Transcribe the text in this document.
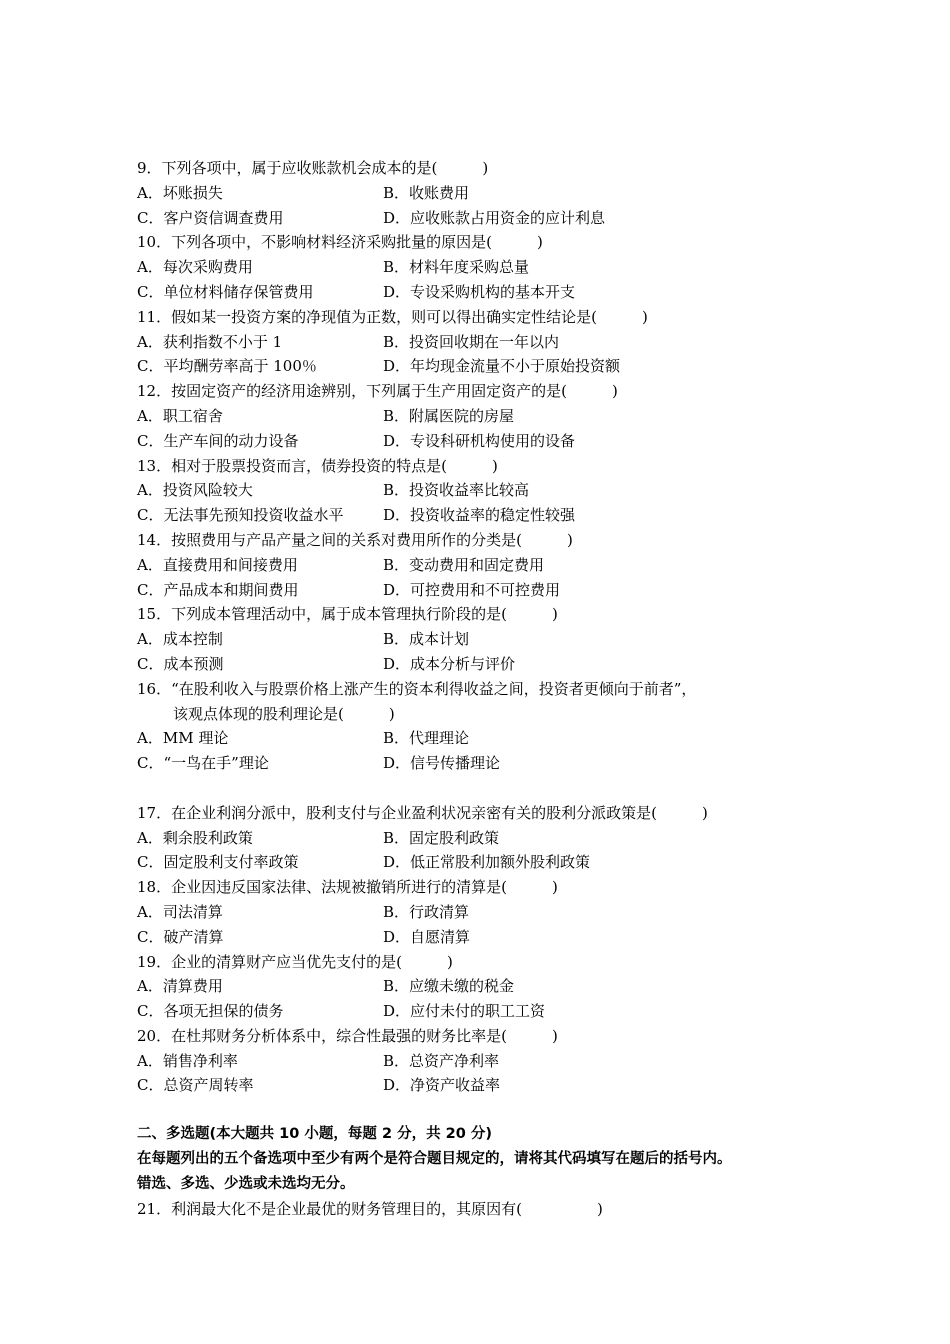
9．下列各项中，属于应收账款机会成本的是(　　　)
A．坏账损失	B．收账费用
C．客户资信调查费用	D．应收账款占用资金的应计利息
10．下列各项中，不影响材料经济采购批量的原因是(　　　)
A．每次采购费用	B．材料年度采购总量
C．单位材料储存保管费用	D．专设采购机构的基本开支
11．假如某一投资方案的净现值为正数，则可以得出确实定性结论是(　　　)
A．获利指数不小于 1	B．投资回收期在一年以内
C．平均酬劳率高于 100％	D．年均现金流量不小于原始投资额
12．按固定资产的经济用途辨别，下列属于生产用固定资产的是(　　　)
A．职工宿舍	B．附属医院的房屋
C．生产车间的动力设备	D．专设科研机构使用的设备
13．相对于股票投资而言，债券投资的特点是(　　　)
A．投资风险较大	B．投资收益率比较高
C．无法事先预知投资收益水平	D．投资收益率的稳定性较强
14．按照费用与产品产量之间的关系对费用所作的分类是(　　　)
A．直接费用和间接费用	B．变动费用和固定费用
C．产品成本和期间费用	D．可控费用和不可控费用
15．下列成本管理活动中，属于成本管理执行阶段的是(　　　)
A．成本控制	B．成本计划
C．成本预测	D．成本分析与评价
16．“在股利收入与股票价格上涨产生的资本利得收益之间，投资者更倾向于前者”，
该观点体现的股利理论是(　　　)
A．MM 理论	B．代理理论
C．“一鸟在手”理论	D．信号传播理论
17．在企业利润分派中，股利支付与企业盈利状况亲密有关的股利分派政策是(　　　)
A．剩余股利政策	B．固定股利政策
C．固定股利支付率政策	D．低正常股利加额外股利政策
18．企业因违反国家法律、法规被撤销所进行的清算是(　　　)
A．司法清算	B．行政清算
C．破产清算	D．自愿清算
19．企业的清算财产应当优先支付的是(　　　)
A．清算费用	B．应缴未缴的税金
C．各项无担保的债务	D．应付未付的职工工资
20．在杜邦财务分析体系中，综合性最强的财务比率是(　　　)
A．销售净利率	B．总资产净利率
C．总资产周转率	D．净资产收益率
二、多选题(本大题共 10 小题，每题 2 分，共 20 分)
在每题列出的五个备选项中至少有两个是符合题目规定的，请将其代码填写在题后的括号内。
错选、多选、少选或未选均无分。
21．利润最大化不是企业最优的财务管理目的，其原因有(　　　　　)
